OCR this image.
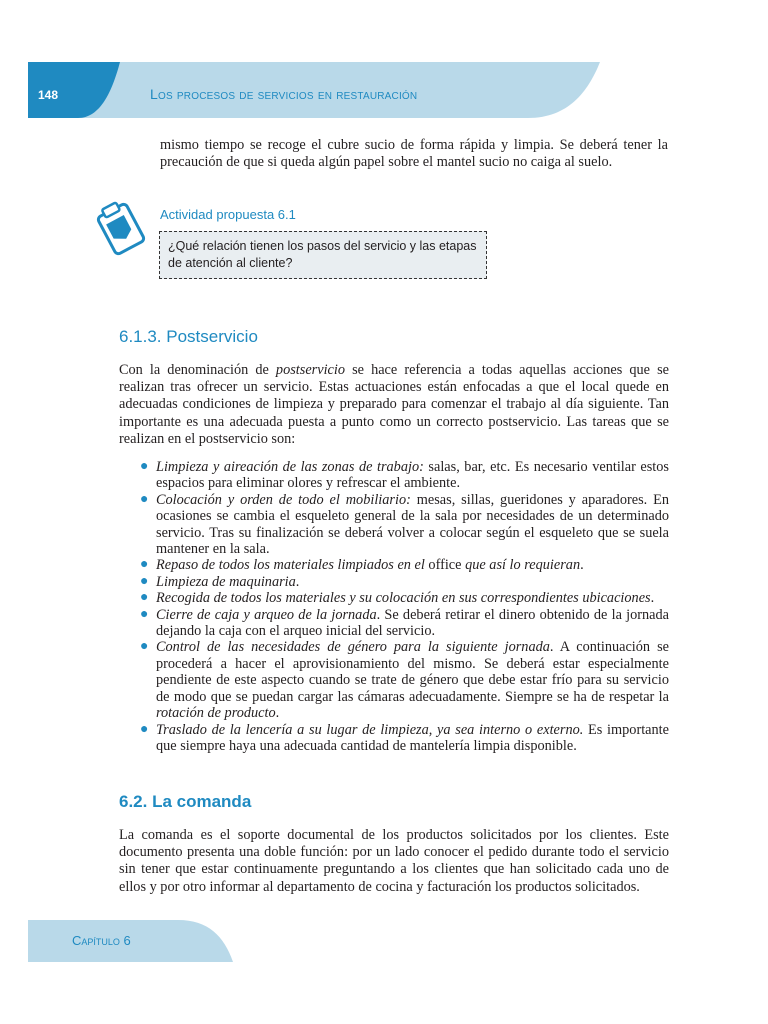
148	Los procesos de servicios en restauración
mismo tiempo se recoge el cubre sucio de forma rápida y limpia. Se deberá tener la precaución de que si queda algún papel sobre el mantel sucio no caiga al suelo.
Actividad propuesta 6.1
¿Qué relación tienen los pasos del servicio y las etapas de atención al cliente?
6.1.3. Postservicio
Con la denominación de postservicio se hace referencia a todas aquellas acciones que se realizan tras ofrecer un servicio. Estas actuaciones están enfocadas a que el local quede en adecuadas condiciones de limpieza y preparado para comenzar el trabajo al día siguiente. Tan importante es una adecuada puesta a punto como un correcto postservicio. Las tareas que se realizan en el postservicio son:
● Limpieza y aireación de las zonas de trabajo: salas, bar, etc. Es necesario ventilar estos espacios para eliminar olores y refrescar el ambiente.
● Colocación y orden de todo el mobiliario: mesas, sillas, gueridones y aparadores. En ocasiones se cambia el esqueleto general de la sala por necesidades de un determinado servicio. Tras su finalización se deberá volver a colocar según el esqueleto que se suela mantener en la sala.
● Repaso de todos los materiales limpiados en el office que así lo requieran.
● Limpieza de maquinaria.
● Recogida de todos los materiales y su colocación en sus correspondientes ubicaciones.
● Cierre de caja y arqueo de la jornada. Se deberá retirar el dinero obtenido de la jornada dejando la caja con el arqueo inicial del servicio.
● Control de las necesidades de género para la siguiente jornada. A continuación se procederá a hacer el aprovisionamiento del mismo. Se deberá estar especialmente pendiente de este aspecto cuando se trate de género que debe estar frío para su servicio de modo que se puedan cargar las cámaras adecuadamente. Siempre se ha de respetar la rotación de producto.
● Traslado de la lencería a su lugar de limpieza, ya sea interno o externo. Es importante que siempre haya una adecuada cantidad de mantelería limpia disponible.
6.2. La comanda
La comanda es el soporte documental de los productos solicitados por los clientes. Este documento presenta una doble función: por un lado conocer el pedido durante todo el servicio sin tener que estar continuamente preguntando a los clientes que han solicitado cada uno de ellos y por otro informar al departamento de cocina y facturación los productos solicitados.
Capítulo 6
